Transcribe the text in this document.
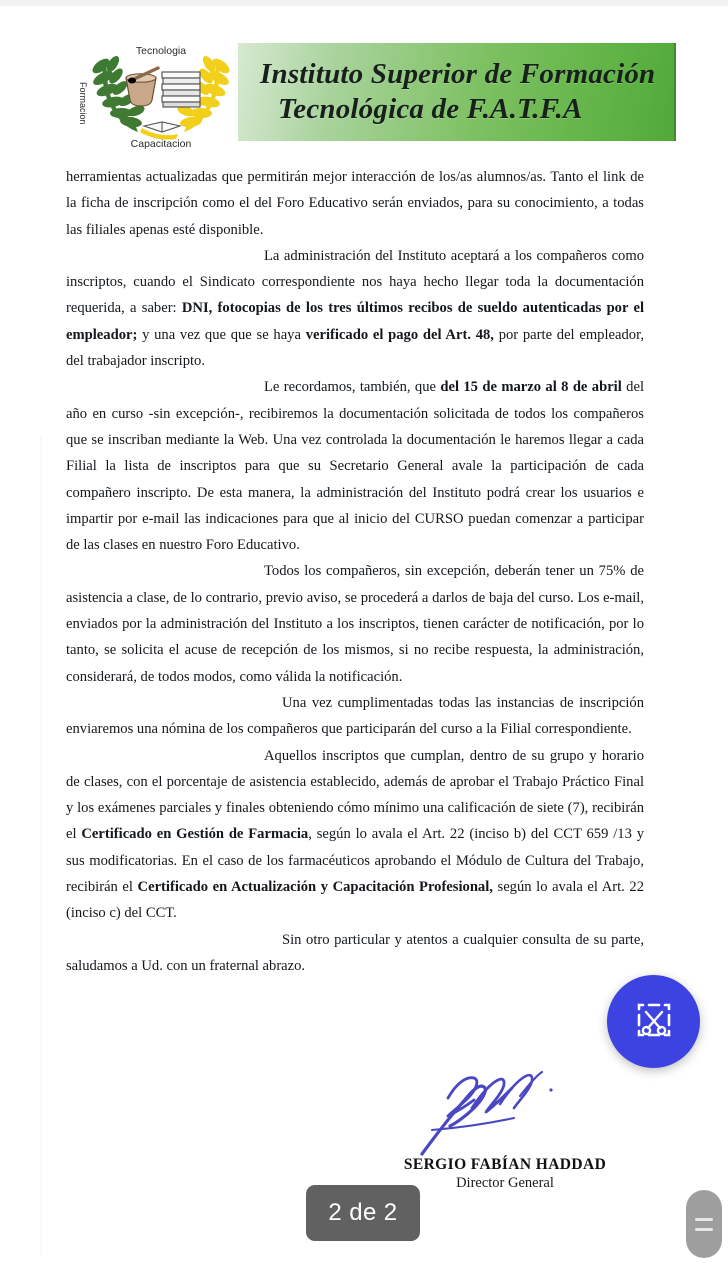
Tecnologia
Formacion
Capacitacion
Instituto Superior de Formación
Tecnológica de F.A.T.F.A

herramientas actualizadas que permitirán mejor interacción de los/as alumnos/as. Tanto el link de la ficha de inscripción como el del Foro Educativo serán enviados, para su conocimiento, a todas las filiales apenas esté disponible.

La administración del Instituto aceptará a los compañeros como inscriptos, cuando el Sindicato correspondiente nos haya hecho llegar toda la documentación requerida, a saber: DNI, fotocopias de los tres últimos recibos de sueldo autenticadas por el empleador; y una vez que que se haya verificado el pago del Art. 48, por parte del empleador, del trabajador inscripto.

Le recordamos, también, que del 15 de marzo al 8 de abril del año en curso -sin excepción-, recibiremos la documentación solicitada de todos los compañeros que se inscriban mediante la Web. Una vez controlada la documentación le haremos llegar a cada Filial la lista de inscriptos para que su Secretario General avale la participación de cada compañero inscripto. De esta manera, la administración del Instituto podrá crear los usuarios e impartir por e-mail las indicaciones para que al inicio del CURSO puedan comenzar a participar de las clases en nuestro Foro Educativo.

Todos los compañeros, sin excepción, deberán tener un 75% de asistencia a clase, de lo contrario, previo aviso, se procederá a darlos de baja del curso. Los e-mail, enviados por la administración del Instituto a los inscriptos, tienen carácter de notificación, por lo tanto, se solicita el acuse de recepción de los mismos, si no recibe respuesta, la administración, considerará, de todos modos, como válida la notificación.

Una vez cumplimentadas todas las instancias de inscripción enviaremos una nómina de los compañeros que participarán del curso a la Filial correspondiente.

Aquellos inscriptos que cumplan, dentro de su grupo y horario de clases, con el porcentaje de asistencia establecido, además de aprobar el Trabajo Práctico Final y los exámenes parciales y finales obteniendo cómo mínimo una calificación de siete (7), recibirán el Certificado en Gestión de Farmacia, según lo avala el Art. 22 (inciso b) del CCT 659 /13 y sus modificatorias. En el caso de los farmacéuticos aprobando el Módulo de Cultura del Trabajo, recibirán el Certificado en Actualización y Capacitación Profesional, según lo avala el Art. 22 (inciso c) del CCT.

Sin otro particular y atentos a cualquier consulta de su parte, saludamos a Ud. con un fraternal abrazo.

SERGIO FABÍAN HADDAD
Director General
2 de 2
